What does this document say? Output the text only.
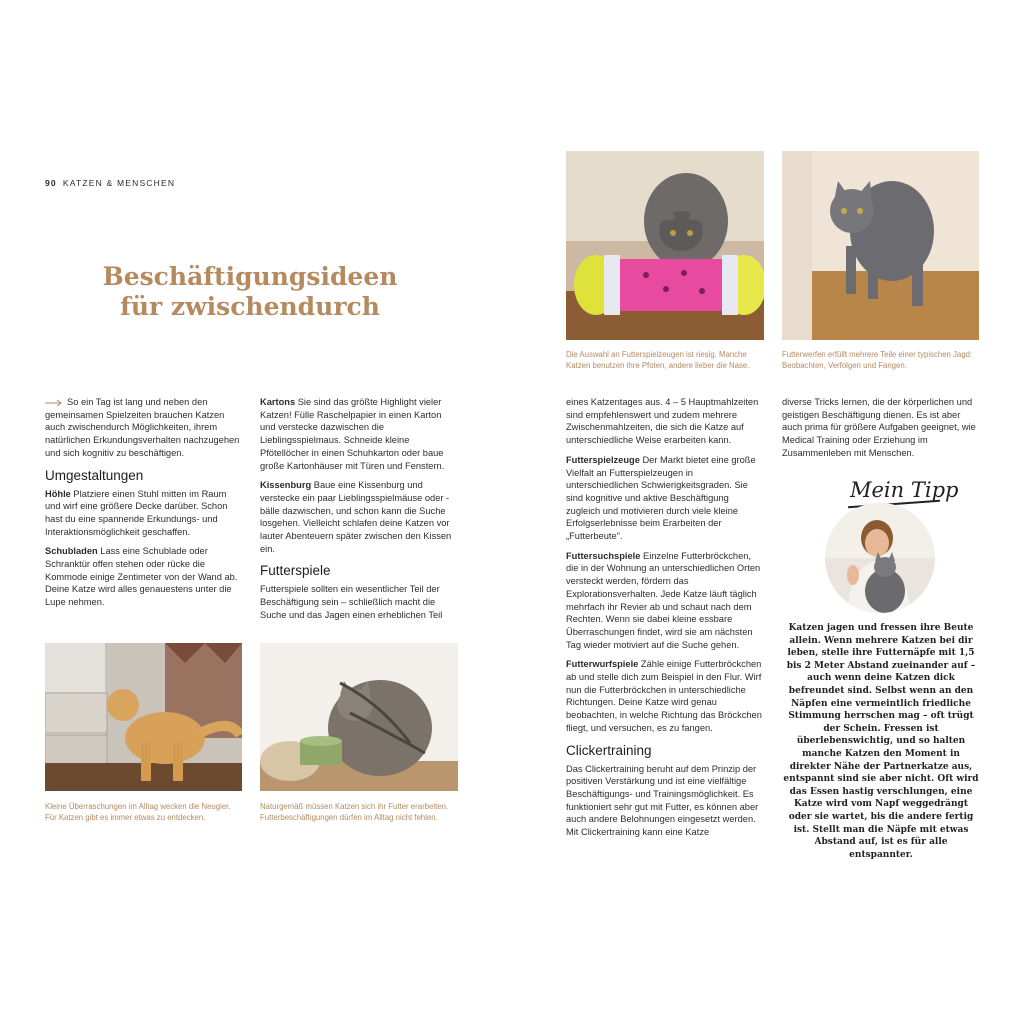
90 KATZEN & MENSCHEN
Beschäftigungsideen
für zwischendurch

So ein Tag ist lang und neben den gemeinsamen Spielzeiten brauchen Katzen auch zwischendurch Möglichkeiten, ihrem natürlichen Erkundungsverhalten nachzugehen und sich kognitiv zu beschäftigen.

Umgestaltungen

Höhle Platziere einen Stuhl mitten im Raum und wirf eine größere Decke darüber. Schon hast du eine spannende Erkundungs- und Interaktionsmöglichkeit geschaffen.

Schubladen Lass eine Schublade oder Schranktür offen stehen oder rücke die Kommode einige Zentimeter von der Wand ab. Deine Katze wird alles genauestens unter die Lupe nehmen.

Kartons Sie sind das größte Highlight vieler Katzen! Fülle Raschelpapier in einen Karton und verstecke dazwischen die Lieblingsspielmaus. Schneide kleine Pfötellöcher in einen Schuhkarton oder baue große Kartonhäuser mit Türen und Fenstern.

Kissenburg Baue eine Kissenburg und verstecke ein paar Lieblingsspielmäuse oder -bälle dazwischen, und schon kann die Suche losgehen. Vielleicht schlafen deine Katzen vor lauter Abenteuern später zwischen den Kissen ein.

Futterspiele

Futterspiele sollten ein wesentlicher Teil der Beschäftigung sein – schließlich macht die Suche und das Jagen einen erheblichen Teil

eines Katzentages aus. 4 – 5 Hauptmahlzeiten sind empfehlenswert und zudem mehrere Zwischenmahlzeiten, die sich die Katze auf unterschiedliche Weise erarbeiten kann.

Futterspielzeuge Der Markt bietet eine große Vielfalt an Futterspielzeugen in unterschiedlichen Schwierigkeitsgraden. Sie sind kognitive und aktive Beschäftigung zugleich und motivieren durch viele kleine Erfolgserlebnisse beim Erarbeiten der „Futterbeute".

Futtersuchspiele Einzelne Futterbröckchen, die in der Wohnung an unterschiedlichen Orten versteckt werden, fördern das Explorationsverhalten. Jede Katze läuft täglich mehrfach ihr Revier ab und schaut nach dem Rechten. Wenn sie dabei kleine essbare Überraschungen findet, wird sie am nächsten Tag wieder motiviert auf die Suche gehen.

Futterwurfspiele Zähle einige Futterbröckchen ab und stelle dich zum Beispiel in den Flur. Wirf nun die Futterbröckchen in unterschiedliche Richtungen. Deine Katze wird genau beobachten, in welche Richtung das Bröckchen fliegt, und versuchen, es zu fangen.

Clickertraining

Das Clickertraining beruht auf dem Prinzip der positiven Verstärkung und ist eine vielfältige Beschäftigungs- und Trainingsmöglichkeit. Es funktioniert sehr gut mit Futter, es können aber auch andere Belohnungen eingesetzt werden. Mit Clickertraining kann eine Katze

diverse Tricks lernen, die der körperlichen und geistigen Beschäftigung dienen. Es ist aber auch prima für größere Aufgaben geeignet, wie Medical Training oder Erziehung im Zusammenleben mit Menschen.

Mein Tipp
Katzen jagen und fressen ihre Beute allein. Wenn mehrere Katzen bei dir leben, stelle ihre Futternäpfe mit 1,5 bis 2 Meter Abstand zueinander auf – auch wenn deine Katzen dick befreundet sind. Selbst wenn an den Näpfen eine vermeintlich friedliche Stimmung herrschen mag – oft trügt der Schein. Fressen ist überlebenswichtig, und so halten manche Katzen den Moment in direkter Nähe der Partnerkatze aus, entspannt sind sie aber nicht. Oft wird das Essen hastig verschlungen, eine Katze wird vom Napf weggedrängt oder sie wartet, bis die andere fertig ist. Stellt man die Näpfe mit etwas Abstand auf, ist es für alle entspannter.
Kleine Überraschungen im Alltag wecken die Neugier. Für Katzen gibt es immer etwas zu entdecken.
Naturgemäß müssen Katzen sich ihr Futter erarbeiten. Futterbeschäftigungen dürfen im Alltag nicht fehlen.
Die Auswahl an Futterspielzeugen ist riesig. Manche Katzen benutzen ihre Pfoten, andere lieber die Nase.
Futterwerfen erfüllt mehrere Teile einer typischen Jagd: Beobachten, Verfolgen und Fangen.
